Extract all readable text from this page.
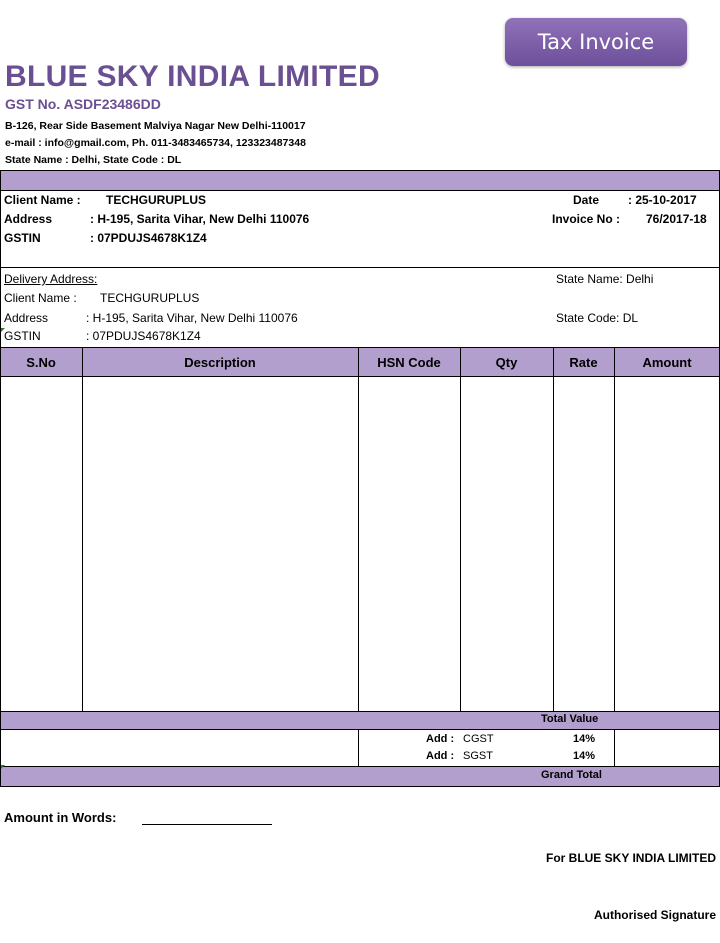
Tax Invoice
BLUE SKY INDIA LIMITED
GST No. ASDF23486DD
B-126, Rear Side Basement Malviya Nagar New Delhi-110017
e-mail : info@gmail.com, Ph. 011-3483465734, 123323487348
State Name : Delhi, State Code : DL
Client Name : TECHGURUPLUS
Address	: H-195, Sarita Vihar, New Delhi 110076
GSTIN	: 07PDUJS4678K1Z4
Date : 25-10-2017
Invoice No : 76/2017-18
Delivery Address:
Client Name : TECHGURUPLUS
Address	: H-195, Sarita Vihar, New Delhi 110076
GSTIN	: 07PDUJS4678K1Z4
State Name: Delhi
State Code: DL
S.No	Description	HSN Code	Qty	Rate	Amount
Total Value
Add : CGST	14%
Add : SGST	14%
Grand Total
Amount in Words:
For BLUE SKY INDIA LIMITED
Authorised Signature
